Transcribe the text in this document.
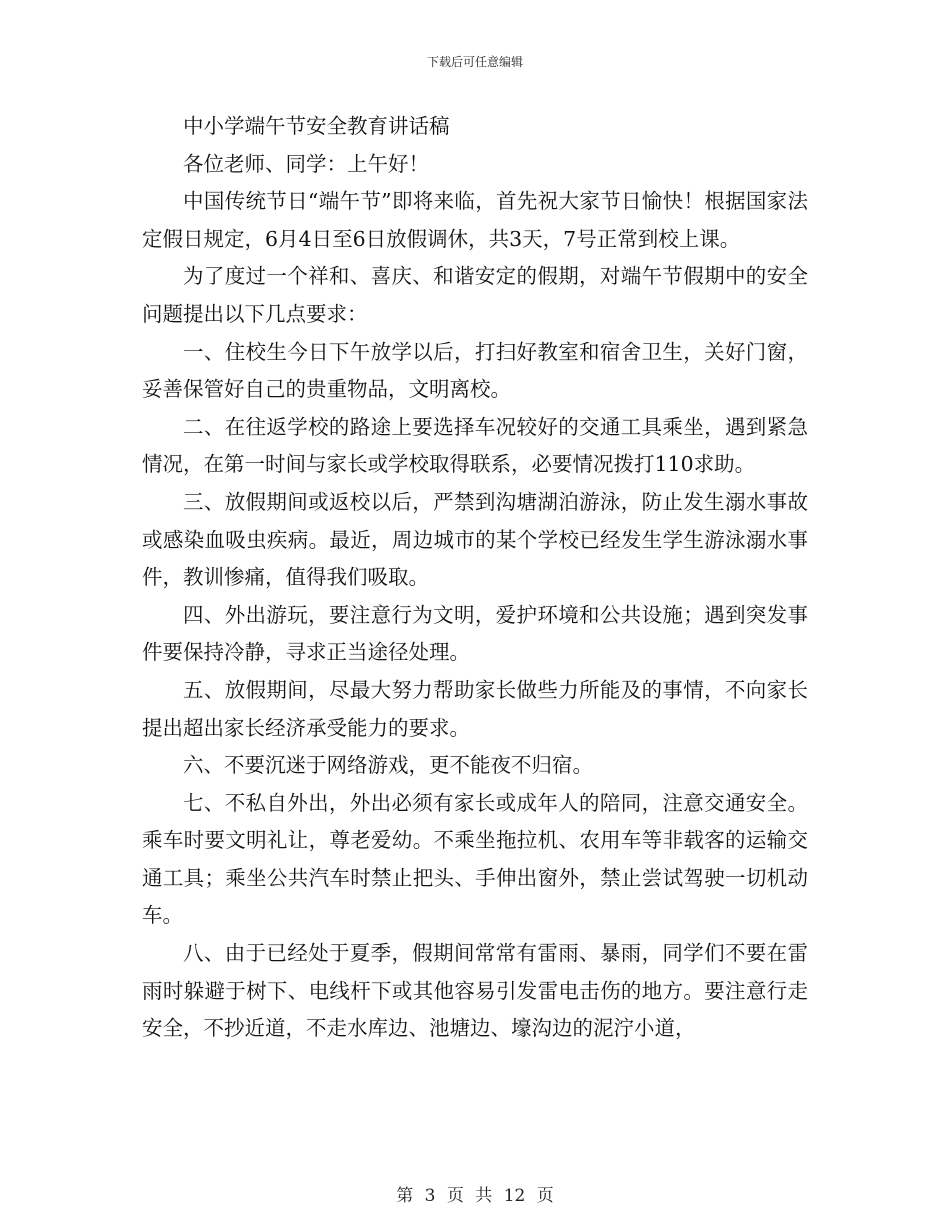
下载后可任意编辑

中小学端午节安全教育讲话稿

各位老师、同学：上午好！

中国传统节日“端午节”即将来临，首先祝大家节日愉快！根据国家法定假日规定，6月4日至6日放假调休，共3天，7号正常到校上课。

为了度过一个祥和、喜庆、和谐安定的假期，对端午节假期中的安全问题提出以下几点要求：

一、住校生今日下午放学以后，打扫好教室和宿舍卫生，关好门窗，妥善保管好自己的贵重物品，文明离校。

二、在往返学校的路途上要选择车况较好的交通工具乘坐，遇到紧急情况，在第一时间与家长或学校取得联系，必要情况拨打110求助。

三、放假期间或返校以后，严禁到沟塘湖泊游泳，防止发生溺水事故或感染血吸虫疾病。最近，周边城市的某个学校已经发生学生游泳溺水事件，教训惨痛，值得我们吸取。

四、外出游玩，要注意行为文明，爱护环境和公共设施；遇到突发事件要保持冷静，寻求正当途径处理。

五、放假期间，尽最大努力帮助家长做些力所能及的事情，不向家长提出超出家长经济承受能力的要求。

六、不要沉迷于网络游戏，更不能夜不归宿。

七、不私自外出，外出必须有家长或成年人的陪同，注意交通安全。乘车时要文明礼让，尊老爱幼。不乘坐拖拉机、农用车等非载客的运输交通工具；乘坐公共汽车时禁止把头、手伸出窗外，禁止尝试驾驶一切机动车。

八、由于已经处于夏季，假期间常常有雷雨、暴雨，同学们不要在雷雨时躲避于树下、电线杆下或其他容易引发雷电击伤的地方。要注意行走安全，不抄近道，不走水库边、池塘边、壕沟边的泥泞小道，

第 3 页 共 12 页
